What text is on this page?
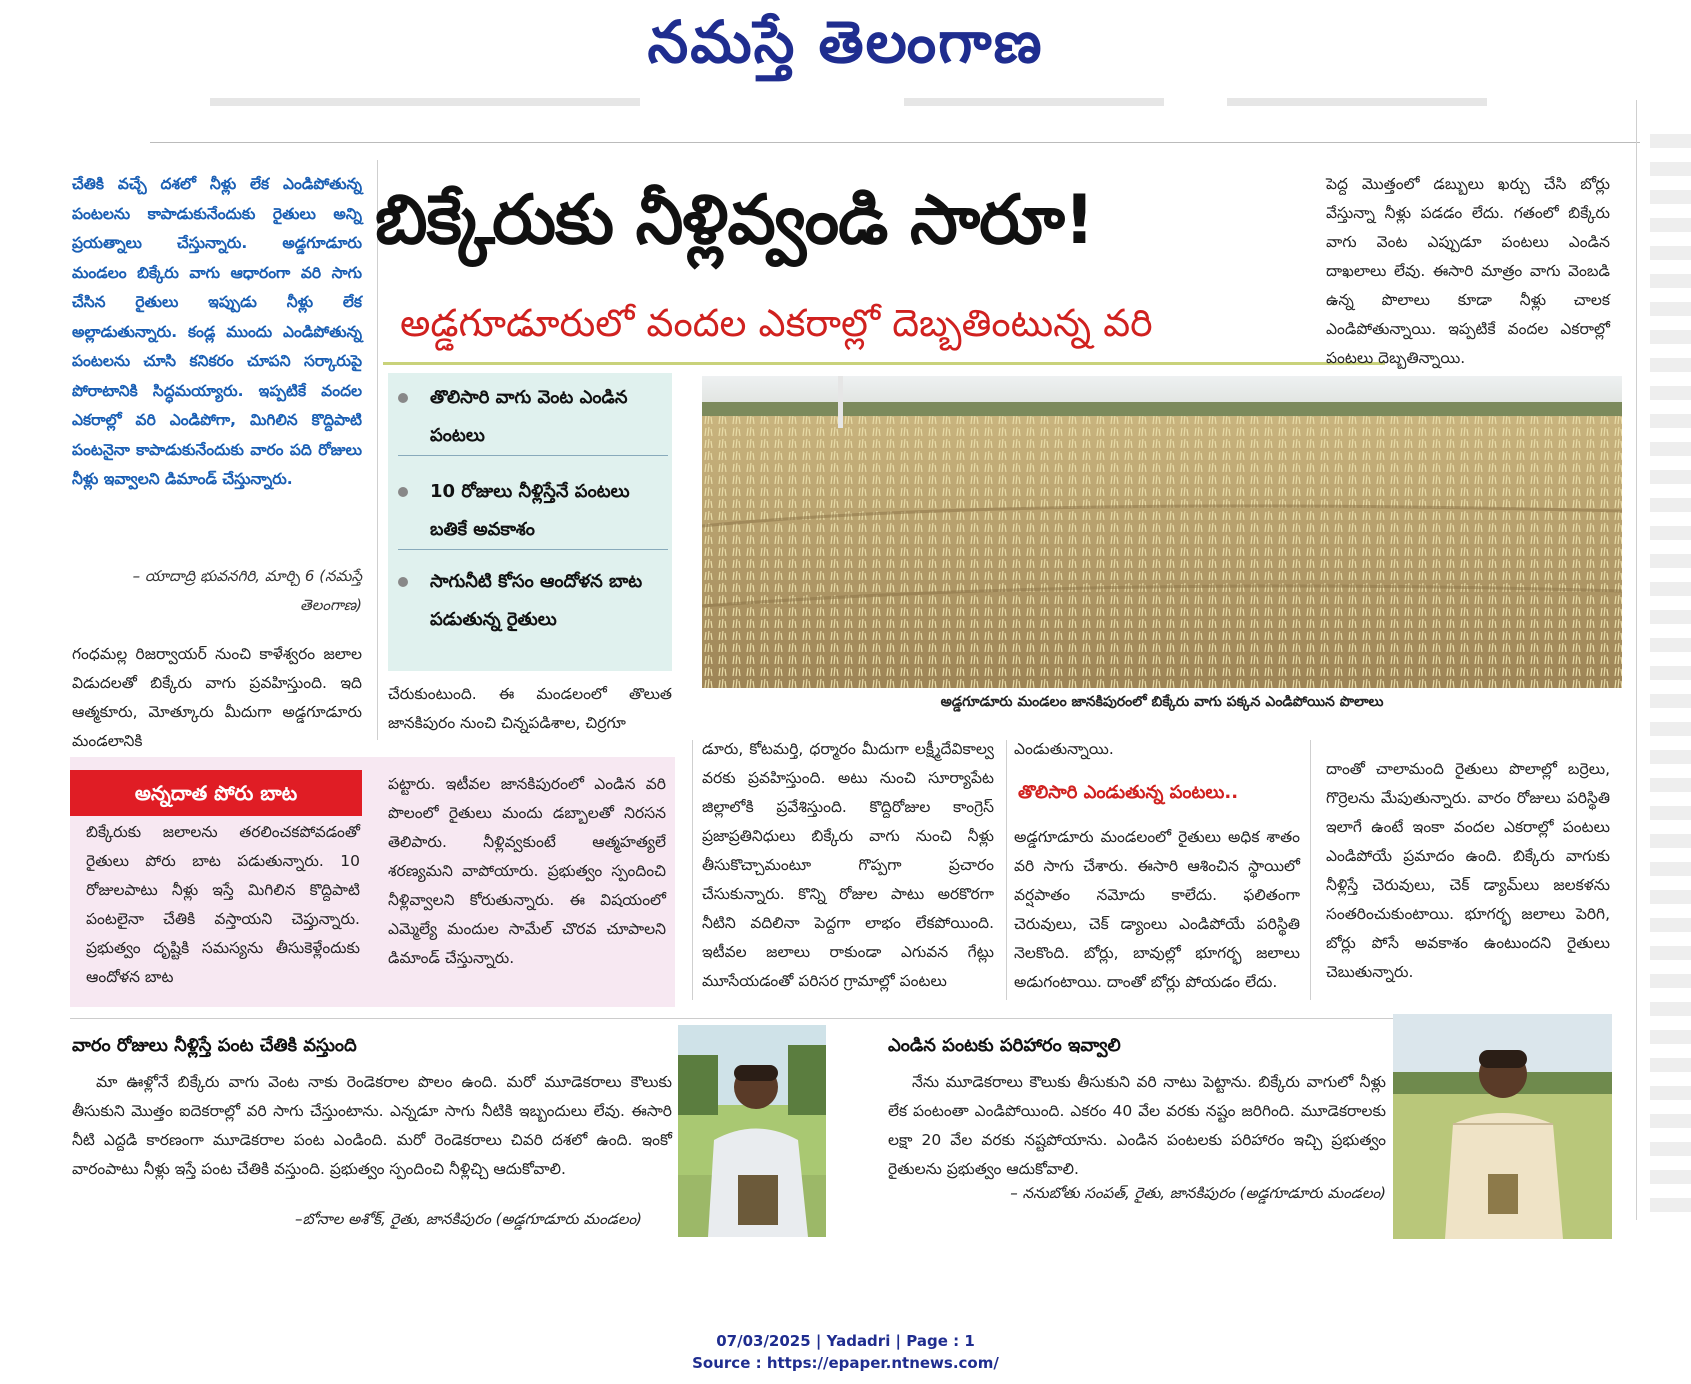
నమస్తే తెలంగాణ

చేతికి వచ్చే దశలో నీళ్లు లేక ఎండిపోతున్న పంటలను కాపాడుకునేందుకు రైతులు అన్ని ప్రయత్నాలు చేస్తున్నారు. అడ్డగూడూరు మండలం బిక్కేరు వాగు ఆధారంగా వరి సాగు చేసిన రైతులు ఇప్పుడు నీళ్లు లేక అల్లాడుతున్నారు. కండ్ల ముందు ఎండిపోతున్న పంటలను చూసి కనికరం చూపని సర్కారుపై పోరాటానికి సిద్ధమయ్యారు. ఇప్పటికే వందల ఎకరాల్లో వరి ఎండిపోగా, మిగిలిన కొద్దిపాటి పంటనైనా కాపాడుకునేందుకు వారం పది రోజులు నీళ్లు ఇవ్వాలని డిమాండ్ చేస్తున్నారు.
– యాదాద్రి భువనగిరి, మార్చి 6 (నమస్తే తెలంగాణ)
బిక్కేరుకు నీళ్లివ్వండి సారూ!
అడ్డగూడూరులో వందల ఎకరాల్లో దెబ్బతింటున్న వరి
పెద్ద మొత్తంలో డబ్బులు ఖర్చు చేసి బోర్లు వేస్తున్నా నీళ్లు పడడం లేదు. గతంలో బిక్కేరు వాగు వెంట ఎప్పుడూ పంటలు ఎండిన దాఖలాలు లేవు. ఈసారి మాత్రం వాగు వెంబడి ఉన్న పొలాలు కూడా నీళ్లు చాలక ఎండిపోతున్నాయి. ఇప్పటికే వందల ఎకరాల్లో పంటలు దెబ్బతిన్నాయి.
తొలిసారి వాగు వెంట ఎండిన పంటలు
10 రోజులు నీళ్లిస్తేనే పంటలు బతికే అవకాశం
సాగునీటి కోసం ఆందోళన బాట పడుతున్న రైతులు
అడ్డగూడూరు మండలం జానకిపురంలో బిక్కేరు వాగు పక్కన ఎండిపోయిన పొలాలు
గంధమల్ల రిజర్వాయర్ నుంచి కాళేశ్వరం జలాల విడుదలతో బిక్కేరు వాగు ప్రవహిస్తుంది. ఇది ఆత్మకూరు, మోత్కూరు మీదుగా అడ్డగూడూరు మండలానికి
చేరుకుంటుంది. ఈ మండలంలో తొలుత జానకిపురం నుంచి చిన్నపడిశాల, చిర్రగూ
అన్నదాత పోరు బాట
బిక్కేరుకు జలాలను తరలించకపోవడంతో రైతులు పోరు బాట పడుతున్నారు. 10 రోజులపాటు నీళ్లు ఇస్తే మిగిలిన కొద్దిపాటి పంటలైనా చేతికి వస్తాయని చెప్తున్నారు. ప్రభుత్వం దృష్టికి సమస్యను తీసుకెళ్లేందుకు ఆందోళన బాట
పట్టారు. ఇటీవల జానకిపురంలో ఎండిన వరి పొలంలో రైతులు మందు డబ్బాలతో నిరసన తెలిపారు. నీళ్లివ్వకుంటే ఆత్మహత్యలే శరణ్యమని వాపోయారు. ప్రభుత్వం స్పందించి నీళ్లివ్వాలని కోరుతున్నారు. ఈ విషయంలో ఎమ్మెల్యే మందుల సామేల్ చొరవ చూపాలని డిమాండ్ చేస్తున్నారు.
డూరు, కోటమర్తి, ధర్మారం మీదుగా లక్ష్మీదేవికాల్వ వరకు ప్రవహిస్తుంది. అటు నుంచి సూర్యాపేట జిల్లాలోకి ప్రవేశిస్తుంది. కొద్దిరోజుల కాంగ్రెస్ ప్రజాప్రతినిధులు బిక్కేరు వాగు నుంచి నీళ్లు తీసుకొచ్చామంటూ గొప్పగా ప్రచారం చేసుకున్నారు. కొన్ని రోజుల పాటు అరకొరగా నీటిని వదిలినా పెద్దగా లాభం లేకపోయింది. ఇటీవల జలాలు రాకుండా ఎగువన గేట్లు మూసేయడంతో పరిసర గ్రామాల్లో పంటలు
ఎండుతున్నాయి.
తొలిసారి ఎండుతున్న పంటలు..
అడ్డగూడూరు మండలంలో రైతులు అధిక శాతం వరి సాగు చేశారు. ఈసారి ఆశించిన స్థాయిలో వర్షపాతం నమోదు కాలేదు. ఫలితంగా చెరువులు, చెక్ డ్యాంలు ఎండిపోయే పరిస్థితి నెలకొంది. బోర్లు, బావుల్లో భూగర్భ జలాలు అడుగంటాయి. దాంతో బోర్లు పోయడం లేదు.
దాంతో చాలామంది రైతులు పొలాల్లో బర్రెలు, గొర్రెలను మేపుతున్నారు. వారం రోజులు పరిస్థితి ఇలాగే ఉంటే ఇంకా వందల ఎకరాల్లో పంటలు ఎండిపోయే ప్రమాదం ఉంది. బిక్కేరు వాగుకు నీళ్లిస్తే చెరువులు, చెక్ డ్యామ్‌లు జలకళను సంతరించుకుంటాయి. భూగర్భ జలాలు పెరిగి, బోర్లు పోసే అవకాశం ఉంటుందని రైతులు చెబుతున్నారు.
వారం రోజులు నీళ్లిస్తే పంట చేతికి వస్తుంది
మా ఊళ్లోనే బిక్కేరు వాగు వెంట నాకు రెండెకరాల పొలం ఉంది. మరో మూడెకరాలు కౌలుకు తీసుకుని మొత్తం ఐదెకరాల్లో వరి సాగు చేస్తుంటాను. ఎన్నడూ సాగు నీటికి ఇబ్బందులు లేవు. ఈసారి నీటి ఎద్దడి కారణంగా మూడెకరాల పంట ఎండింది. మరో రెండెకరాలు చివరి దశలో ఉంది. ఇంకో వారంపాటు నీళ్లు ఇస్తే పంట చేతికి వస్తుంది. ప్రభుత్వం స్పందించి నీళ్లిచ్చి ఆదుకోవాలి.
–బోనాల అశోక్, రైతు, జానకిపురం (అడ్డగూడూరు మండలం)
ఎండిన పంటకు పరిహారం ఇవ్వాలి
నేను మూడెకరాలు కౌలుకు తీసుకుని వరి నాటు పెట్టాను. బిక్కేరు వాగులో నీళ్లు లేక పంటంతా ఎండిపోయింది. ఎకరం 40 వేల వరకు నష్టం జరిగింది. మూడెకరాలకు లక్షా 20 వేల వరకు నష్టపోయాను. ఎండిన పంటలకు పరిహారం ఇచ్చి ప్రభుత్వం రైతులను ప్రభుత్వం ఆదుకోవాలి.
– ననుబోతు సంపత్, రైతు, జానకిపురం (అడ్డగూడూరు మండలం)
07/03/2025 | Yadadri | Page : 1
Source : https://epaper.ntnews.com/
